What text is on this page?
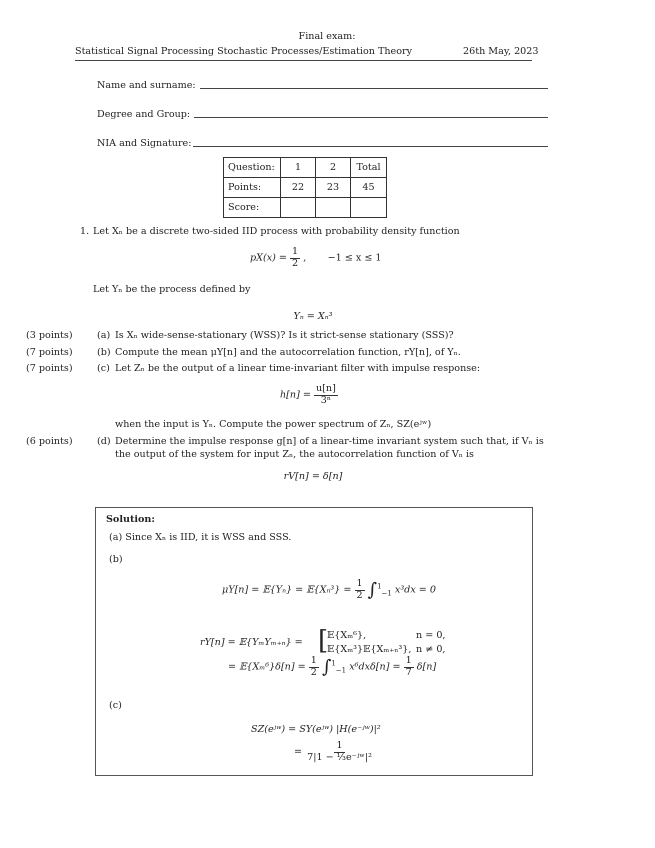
Final exam:
Statistical Signal Processing Stochastic Processes/Estimation Theory	26th May, 2023
Name and surname:
Degree and Group:
NIA and Signature:
Question:	1	2	Total
Points:	22	23	45
Score:			
1. Let Xₙ be a discrete two-sided IID process with probability density function
$pX(x) = \frac{1}{2}$ ,       −1 ≤ x ≤ 1
Let Yₙ be the process defined by
Yₙ = Xₙ³
(3 points)	(a) Is Xₙ wide-sense-stationary (WSS)? Is it strict-sense stationary (SSS)?
(7 points)	(b) Compute the mean μY[n] and the autocorrelation function, rY[n], of Yₙ.
(7 points)	(c) Let Zₙ be the output of a linear time-invariant filter with impulse response:
$h[n] = \frac{u[n]}{\text{3ⁿ}}$
when the input is Yₙ. Compute the power spectrum of Zₙ, SZ(eʲʷ)
(6 points)	(d) Determine the impulse response g[n] of a linear-time invariant system such that, if Vₙ is
the output of the system for input Zₙ, the autocorrelation function of Vₙ is
rV[n] = δ[n]
Solution:
(a) Since Xₙ is IID, it is WSS and SSS.
(b)
μY[n] = 𝔼{Yₙ} = 𝔼{Xₙ³} = $\frac{1}{2} \int^1_{-1}$ x³dx = 0
rY[n] = 𝔼{YₘYₘ₊ₙ} = [
𝔼{Xₘ⁶},	n = 0,
𝔼{Xₘ³}𝔼{Xₘ₊ₙ³}, n ≠ 0,
= 𝔼{Xₘ⁶}δ[n] = $\frac{1}{2} \int^1_{-1}$ $x^6dx\delta[n] = \frac{1}{7} \delta[n]$
(c)
SZ(eʲʷ) = SY(eʲʷ) |H(e⁻ʲʷ)|²
= $\frac{1}{\text{7|1 − ⅓e⁻ʲʷ|²}}$
